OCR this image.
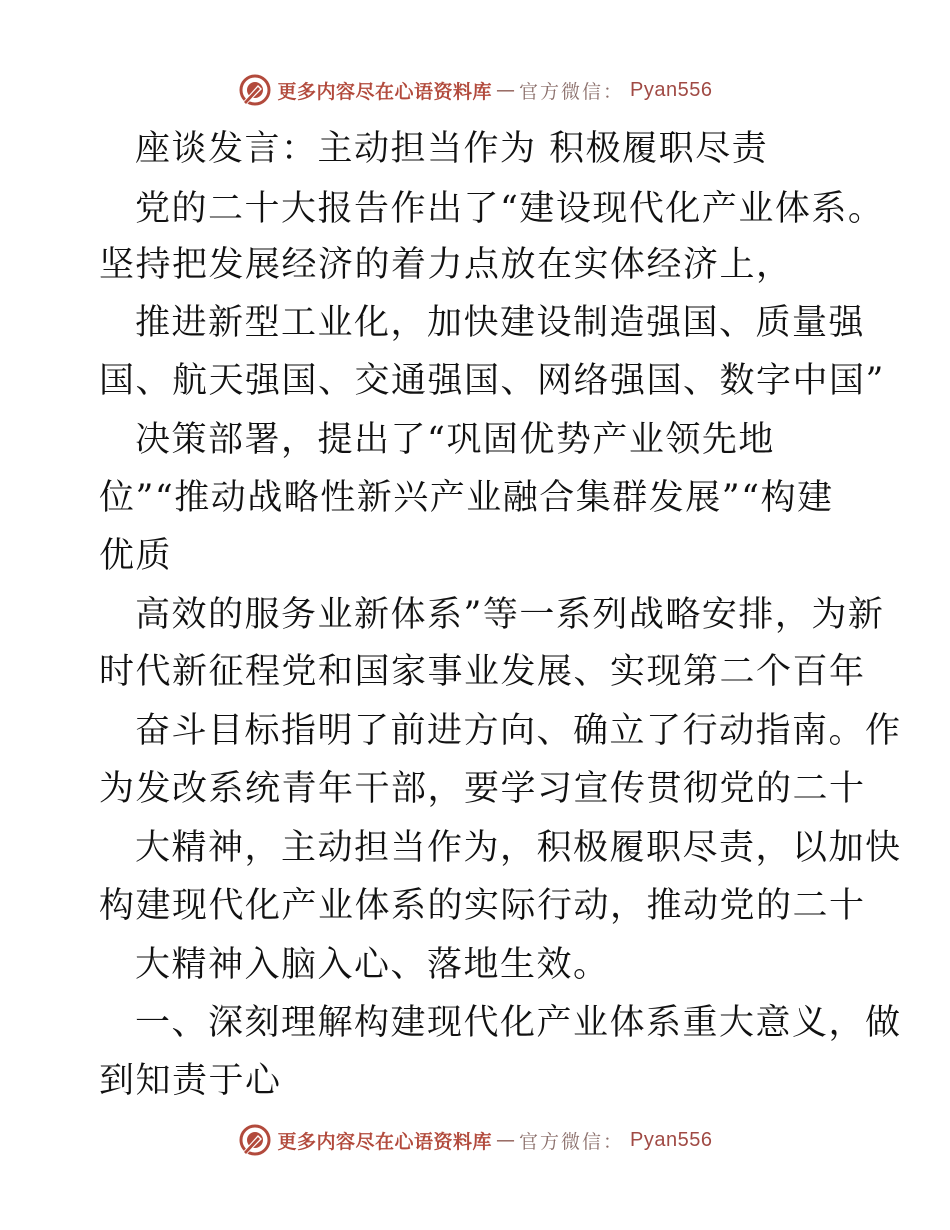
更多内容尽在心语资料库 — 官方微信： Pyan556
座谈发言：主动担当作为 积极履职尽责
党的二十大报告作出了“建设现代化产业体系。
坚持把发展经济的着力点放在实体经济上，
推进新型工业化，加快建设制造强国、质量强
国、航天强国、交通强国、网络强国、数字中国”
决策部署，提出了“巩固优势产业领先地
位”“推动战略性新兴产业融合集群发展”“构建
优质
高效的服务业新体系”等一系列战略安排，为新
时代新征程党和国家事业发展、实现第二个百年
奋斗目标指明了前进方向、确立了行动指南。作
为发改系统青年干部，要学习宣传贯彻党的二十
大精神，主动担当作为，积极履职尽责，以加快
构建现代化产业体系的实际行动，推动党的二十
大精神入脑入心、落地生效。
一、深刻理解构建现代化产业体系重大意义，做
到知责于心
更多内容尽在心语资料库 — 官方微信： Pyan556
